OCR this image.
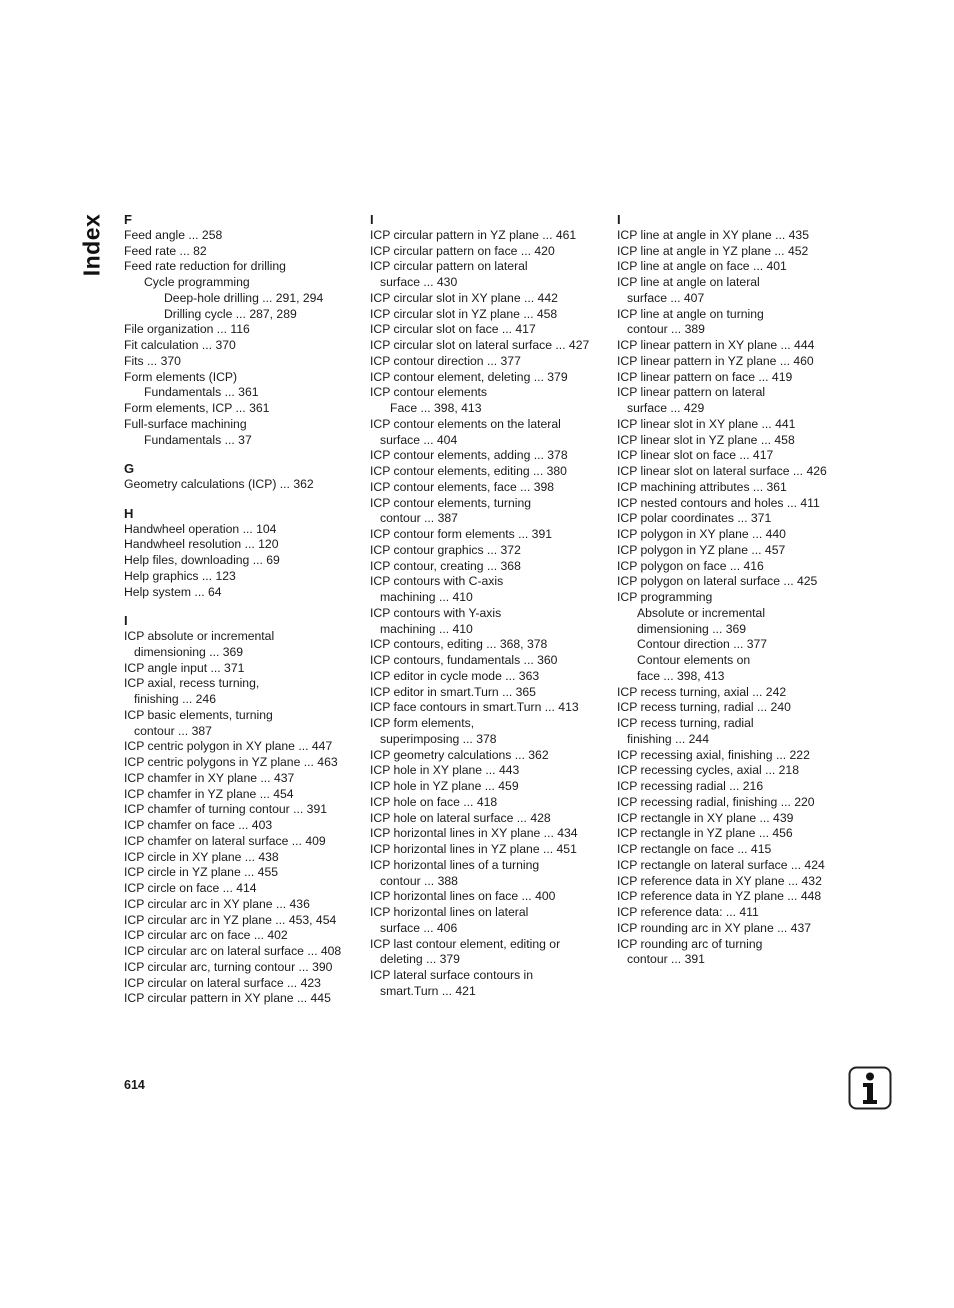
Index F
Feed angle ... 258
Feed rate ... 82
Feed rate reduction for drilling
Cycle programming
Deep-hole drilling ... 291, 294
Drilling cycle ... 287, 289
File organization ... 116
Fit calculation ... 370
Fits ... 370
Form elements (ICP)
Fundamentals ... 361
Form elements, ICP ... 361
Full-surface machining
Fundamentals ... 37
G
Geometry calculations (ICP) ... 362
H
Handwheel operation ... 104
Handwheel resolution ... 120
Help files, downloading ... 69
Help graphics ... 123
Help system ... 64
I
ICP absolute or incremental
dimensioning ... 369
ICP angle input ... 371
ICP axial, recess turning,
finishing ... 246
ICP basic elements, turning
contour ... 387
ICP centric polygon in XY plane ... 447
ICP centric polygons in YZ plane ... 463
ICP chamfer in XY plane ... 437
ICP chamfer in YZ plane ... 454
ICP chamfer of turning contour ... 391
ICP chamfer on face ... 403
ICP chamfer on lateral surface ... 409
ICP circle in XY plane ... 438
ICP circle in YZ plane ... 455
ICP circle on face ... 414
ICP circular arc in XY plane ... 436
ICP circular arc in YZ plane ... 453, 454
ICP circular arc on face ... 402
ICP circular arc on lateral surface ... 408
ICP circular arc, turning contour ... 390
ICP circular on lateral surface ... 423
ICP circular pattern in XY plane ... 445
I
ICP circular pattern in YZ plane ... 461
ICP circular pattern on face ... 420
ICP circular pattern on lateral
surface ... 430
ICP circular slot in XY plane ... 442
ICP circular slot in YZ plane ... 458
ICP circular slot on face ... 417
ICP circular slot on lateral surface ... 427
ICP contour direction ... 377
ICP contour element, deleting ... 379
ICP contour elements
Face ... 398, 413
ICP contour elements on the lateral
surface ... 404
ICP contour elements, adding ... 378
ICP contour elements, editing ... 380
ICP contour elements, face ... 398
ICP contour elements, turning
contour ... 387
ICP contour form elements ... 391
ICP contour graphics ... 372
ICP contour, creating ... 368
ICP contours with C-axis
machining ... 410
ICP contours with Y-axis
machining ... 410
ICP contours, editing ... 368, 378
ICP contours, fundamentals ... 360
ICP editor in cycle mode ... 363
ICP editor in smart.Turn ... 365
ICP face contours in smart.Turn ... 413
ICP form elements,
superimposing ... 378
ICP geometry calculations ... 362
ICP hole in XY plane ... 443
ICP hole in YZ plane ... 459
ICP hole on face ... 418
ICP hole on lateral surface ... 428
ICP horizontal lines in XY plane ... 434
ICP horizontal lines in YZ plane ... 451
ICP horizontal lines of a turning
contour ... 388
ICP horizontal lines on face ... 400
ICP horizontal lines on lateral
surface ... 406
ICP last contour element, editing or
deleting ... 379
ICP lateral surface contours in
smart.Turn ... 421
I
ICP line at angle in XY plane ... 435
ICP line at angle in YZ plane ... 452
ICP line at angle on face ... 401
ICP line at angle on lateral
surface ... 407
ICP line at angle on turning
contour ... 389
ICP linear pattern in XY plane ... 444
ICP linear pattern in YZ plane ... 460
ICP linear pattern on face ... 419
ICP linear pattern on lateral
surface ... 429
ICP linear slot in XY plane ... 441
ICP linear slot in YZ plane ... 458
ICP linear slot on face ... 417
ICP linear slot on lateral surface ... 426
ICP machining attributes ... 361
ICP nested contours and holes ... 411
ICP polar coordinates ... 371
ICP polygon in XY plane ... 440
ICP polygon in YZ plane ... 457
ICP polygon on face ... 416
ICP polygon on lateral surface ... 425
ICP programming
Absolute or incremental
dimensioning ... 369
Contour direction ... 377
Contour elements on
face ... 398, 413
ICP recess turning, axial ... 242
ICP recess turning, radial ... 240
ICP recess turning, radial
finishing ... 244
ICP recessing axial, finishing ... 222
ICP recessing cycles, axial ... 218
ICP recessing radial ... 216
ICP recessing radial, finishing ... 220
ICP rectangle in XY plane ... 439
ICP rectangle in YZ plane ... 456
ICP rectangle on face ... 415
ICP rectangle on lateral surface ... 424
ICP reference data in XY plane ... 432
ICP reference data in YZ plane ... 448
ICP reference data: ... 411
ICP rounding arc in XY plane ... 437
ICP rounding arc of turning
contour ... 391
614
